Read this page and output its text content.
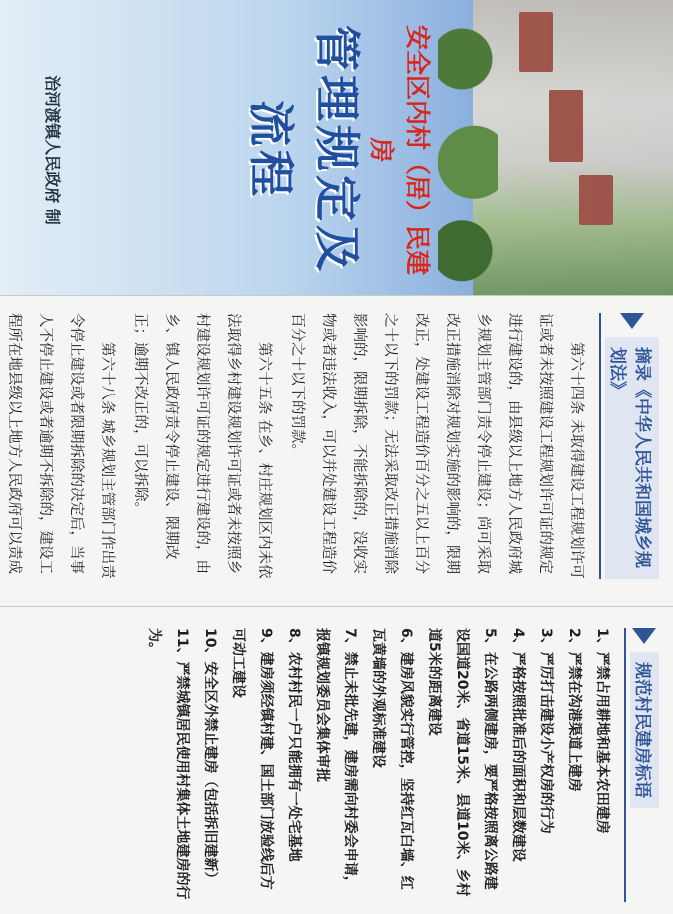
安全区内村（居）民建房
管理规定及流程
治河渡镇人民政府 制
摘录《中华人民共和国城乡规划法》

第六十四条 未取得建设工程规划许可证或者未按照建设工程规划许可证的规定进行建设的，由县级以上地方人民政府城乡规划主管部门责令停止建设；尚可采取改正措施消除对规划实施的影响的，限期改正，处建设工程造价百分之五以上百分之十以下的罚款；无法采取改正措施消除影响的，限期拆除，不能拆除的，没收实物或者违法收入，可以并处建设工程造价百分之十以下的罚款。

第六十五条 在乡、村庄规划区内未依法取得乡村建设规划许可证或者未按照乡村建设规划许可证的规定进行建设的，由乡、镇人民政府责令停止建设、限期改正；逾期不改正的，可以拆除。

第六十八条 城乡规划主管部门作出责令停止建设或者限期拆除的决定后，当事人不停止建设或者逾期不拆除的，建设工程所在地县级以上地方人民政府可以责成

规范村民建房标语
1、严禁占用耕地和基本农田建房
2、严禁在沟港渠道上建房
3、严厉打击建设小产权房的行为
4、严格按照批准后的面积和层数建设
5、在公路两侧建房，要严格按照离公路建设国道20米、省道15米、县道10米、乡村道5米的距离建设
6、建房风貌实行管控，坚持红瓦白墙、红瓦黄墙的外观标准建设
7、禁止未批先建，建房需向村委会申请，报镇规划委员会集体审批
8、农村村民一户只能拥有一处宅基地
9、建房须经镇村建、国土部门放验线后方可动工建设
10、安全区外禁止建房（包括拆旧建新）
11、严禁城镇居民使用村集体土地建房的行为。
